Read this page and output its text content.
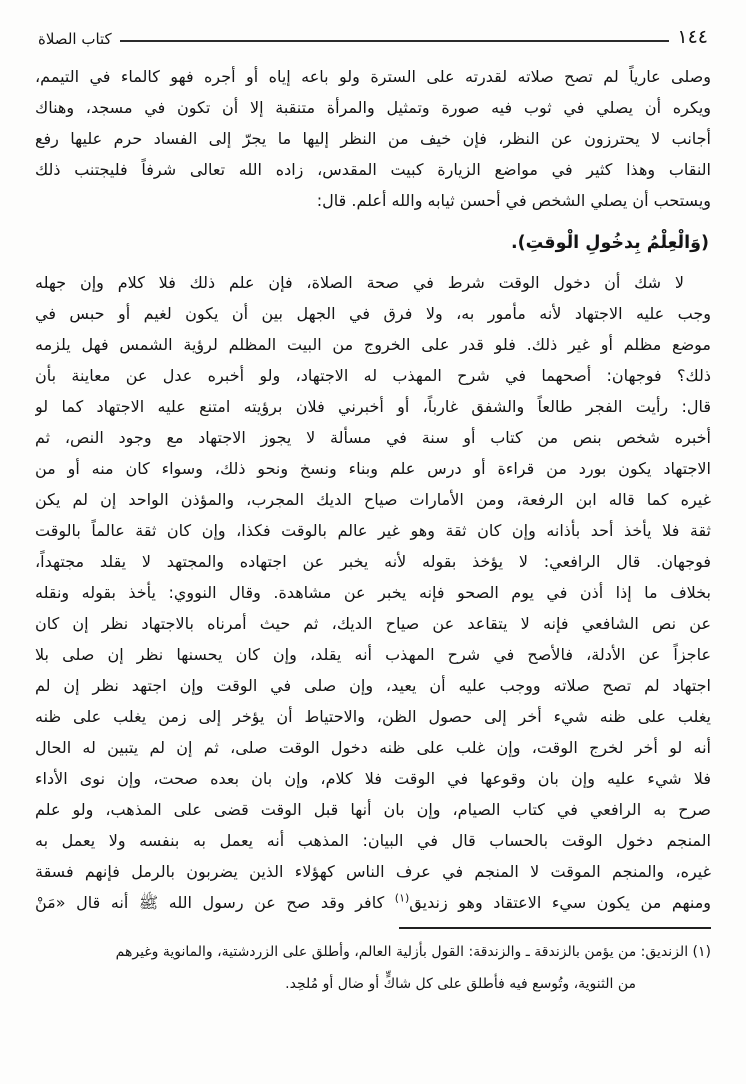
١٤٤
كتاب الصلاة
وصلى عارياً لم تصح صلاته لقدرته على السترة ولو باعه إياه أو أجره فهو كالماء في التيمم،
ويكره أن يصلي في ثوب فيه صورة وتمثيل والمرأة متنقبة إلا أن تكون في مسجد، وهناك
أجانب لا يحترزون عن النظر، فإن خيف من النظر إليها ما يجرّ إلى الفساد حرم عليها رفع
النقاب وهذا كثير في مواضع الزيارة كبيت المقدس، زاده الله تعالى شرفاً فليجتنب ذلك
ويستحب أن يصلي الشخص في أحسن ثيابه والله أعلم. قال:
(وَالْعِلْمُ بِدخُولِ الْوقتِ).
لا شك أن دخول الوقت شرط في صحة الصلاة، فإن علم ذلك فلا كلام وإن جهله
وجب عليه الاجتهاد لأنه مأمور به، ولا فرق في الجهل بين أن يكون لغيم أو حبس في
موضع مظلم أو غير ذلك. فلو قدر على الخروج من البيت المظلم لرؤية الشمس فهل يلزمه
ذلك؟ فوجهان: أصحهما في شرح المهذب له الاجتهاد، ولو أخبره عدل عن معاينة بأن
قال: رأيت الفجر طالعاً والشفق غارباً، أو أخبرني فلان برؤيته امتنع عليه الاجتهاد كما لو
أخبره شخص بنص من كتاب أو سنة في مسألة لا يجوز الاجتهاد مع وجود النص، ثم
الاجتهاد يكون بورد من قراءة أو درس علم وبناء ونسخ ونحو ذلك، وسواء كان منه أو من
غيره كما قاله ابن الرفعة، ومن الأمارات صياح الديك المجرب، والمؤذن الواحد إن لم يكن
ثقة فلا يأخذ أحد بأذانه وإن كان ثقة وهو غير عالم بالوقت فكذا، وإن كان ثقة عالماً بالوقت
فوجهان. قال الرافعي: لا يؤخذ بقوله لأنه يخبر عن اجتهاده والمجتهد لا يقلد مجتهداً،
بخلاف ما إذا أذن في يوم الصحو فإنه يخبر عن مشاهدة. وقال النووي: يأخذ بقوله ونقله
عن نص الشافعي فإنه لا يتقاعد عن صياح الديك، ثم حيث أمرناه بالاجتهاد نظر إن كان
عاجزاً عن الأدلة، فالأصح في شرح المهذب أنه يقلد، وإن كان يحسنها نظر إن صلى بلا
اجتهاد لم تصح صلاته ووجب عليه أن يعيد، وإن صلى في الوقت وإن اجتهد نظر إن لم
يغلب على ظنه شيء أخر إلى حصول الظن، والاحتياط أن يؤخر إلى زمن يغلب على ظنه
أنه لو أخر لخرج الوقت، وإن غلب على ظنه دخول الوقت صلى، ثم إن لم يتبين له الحال
فلا شيء عليه وإن بان وقوعها في الوقت فلا كلام، وإن بان بعده صحت، وإن نوى الأداء
صرح به الرافعي في كتاب الصيام، وإن بان أنها قبل الوقت قضى على المذهب، ولو علم
المنجم دخول الوقت بالحساب قال في البيان: المذهب أنه يعمل به بنفسه ولا يعمل به
غيره، والمنجم الموقت لا المنجم في عرف الناس كهؤلاء الذين يضربون بالرمل فإنهم فسقة
ومنهم من يكون سيء الاعتقاد وهو زنديق$^{(١)}$ كافر وقد صح عن رسول الله ﷺ أنه قال «مَنْ
(١) الزنديق: من يؤمن بالزندقة ـ والزندقة: القول بأزلية العالم، وأطلق على الزردشتية، والمانوية وغيرهم
من الثنوية، وتُوسع فيه فأطلق على كل شاكٍّ أو ضال أو مُلحِد.
